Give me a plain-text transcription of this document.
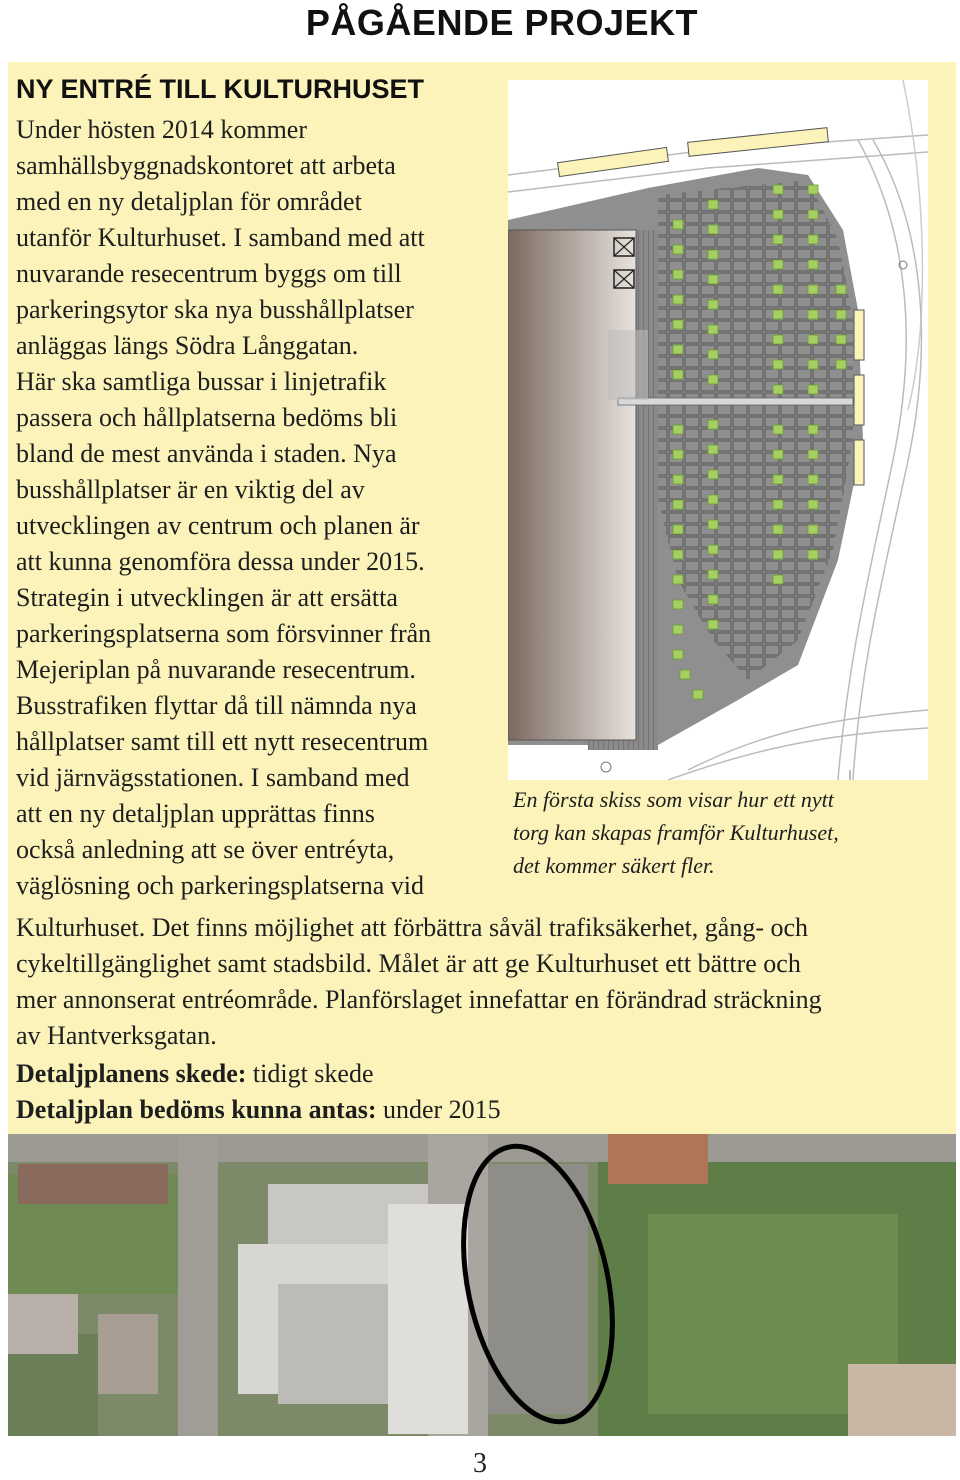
PÅGÅENDE PROJEKT
NY ENTRÉ TILL KULTURHUSET
Under hösten 2014 kommer
samhällsbyggnadskontoret att arbeta
med en ny detaljplan för området
utanför Kulturhuset. I samband med att
nuvarande resecentrum byggs om till
parkeringsytor ska nya busshållplatser
anläggas längs Södra Långgatan.
Här ska samtliga bussar i linjetrafik
passera och hållplatserna bedöms bli
bland de mest använda i staden. Nya
busshållplatser är en viktig del av
utvecklingen av centrum och planen är
att kunna genomföra dessa under 2015.
Strategin i utvecklingen är att ersätta
parkeringsplatserna som försvinner från
Mejeriplan på nuvarande resecentrum.
Busstrafiken flyttar då till nämnda nya
hållplatser samt till ett nytt resecentrum
vid järnvägsstationen. I samband med
att en ny detaljplan upprättas finns
också anledning att se över entréyta,
väglösning och parkeringsplatserna vid
Kulturhuset. Det finns möjlighet att förbättra såväl trafiksäkerhet, gång- och
cykeltillgänglighet samt stadsbild. Målet är att ge Kulturhuset ett bättre och
mer annonserat entréområde. Planförslaget innefattar en förändrad sträckning
av Hantverksgatan.
Detaljplanens skede: tidigt skede
Detaljplan bedöms kunna antas: under 2015
En första skiss som visar hur ett nytt
torg kan skapas framför Kulturhuset,
det kommer säkert fler.
3
